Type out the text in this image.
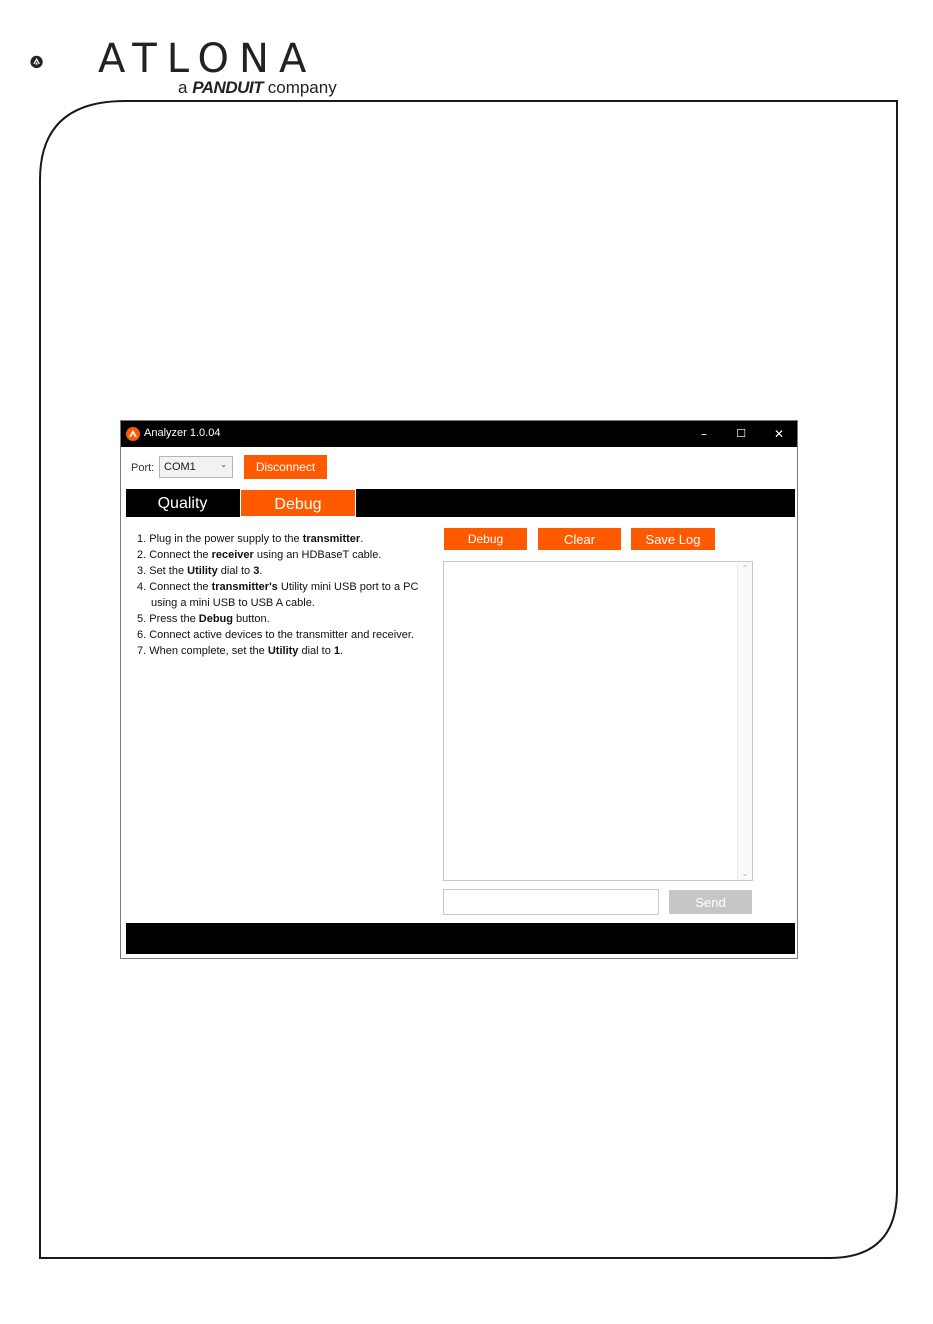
ATLONA
a PANDUIT company
Analyzer 1.0.04	–	☐	✕
Port: COM1	⌄	Disconnect
Quality	Debug
1. Plug in the power supply to the transmitter.
2. Connect the receiver using an HDBaseT cable.
3. Set the Utility dial to 3.
4. Connect the transmitter's Utility mini USB port to a PC using a mini USB to USB A cable.
5. Press the Debug button.
6. Connect active devices to the transmitter and receiver.
7. When complete, set the Utility dial to 1.
Debug	Clear	Save Log
⌃
⌄
Send
